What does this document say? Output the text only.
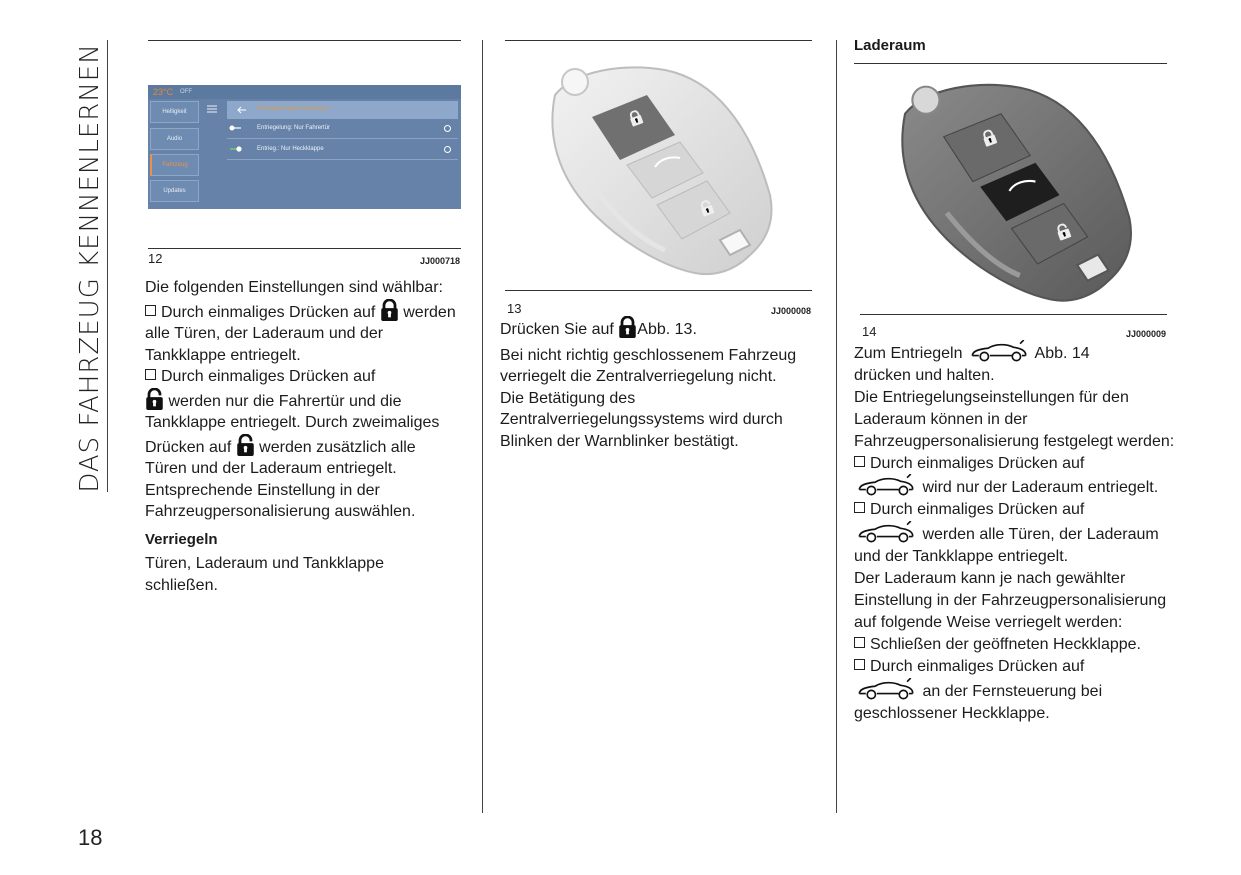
DAS FAHRZEUG KENNENLERNEN	23°C OFF
Helligkeit
Audio
Fahrzeug
Updates
Entriegelungseinstellungen
Entriegelung: Nur Fahrertür
Entrieg.: Nur Heckklappe
12	JJ000718

Die folgenden Einstellungen sind wählbar:

Durch einmaliges Drücken auf werden alle Türen, der Laderaum und der Tankklappe entriegelt.

Durch einmaliges Drücken auf
werden nur die Fahrertür und die Tankklappe entriegelt. Durch zweimaliges Drücken auf werden zusätzlich alle Türen und der Laderaum entriegelt.

Entsprechende Einstellung in der Fahrzeugpersonalisierung auswählen.

Verriegeln

Türen, Laderaum und Tankklappe schließen.

13	JJ000008

Drücken Sie auf Abb. 13.

Bei nicht richtig geschlossenem Fahrzeug verriegelt die Zentralverriegelung nicht.

Die Betätigung des Zentralverriegelungssystems wird durch Blinken der Warnblinker bestätigt.

Laderaum
14	JJ000009

Zum Entriegeln	Abb. 14
drücken und halten.

Die Entriegelungseinstellungen für den Laderaum können in der Fahrzeugpersonalisierung festgelegt werden:

Durch einmaliges Drücken auf
wird nur der Laderaum entriegelt.

Durch einmaliges Drücken auf
werden alle Türen, der Laderaum und der Tankklappe entriegelt.

Der Laderaum kann je nach gewählter Einstellung in der Fahrzeugpersonalisierung auf folgende Weise verriegelt werden:

Schließen der geöffneten Heckklappe.

Durch einmaliges Drücken auf
an der Fernsteuerung bei geschlossener Heckklappe.

18
